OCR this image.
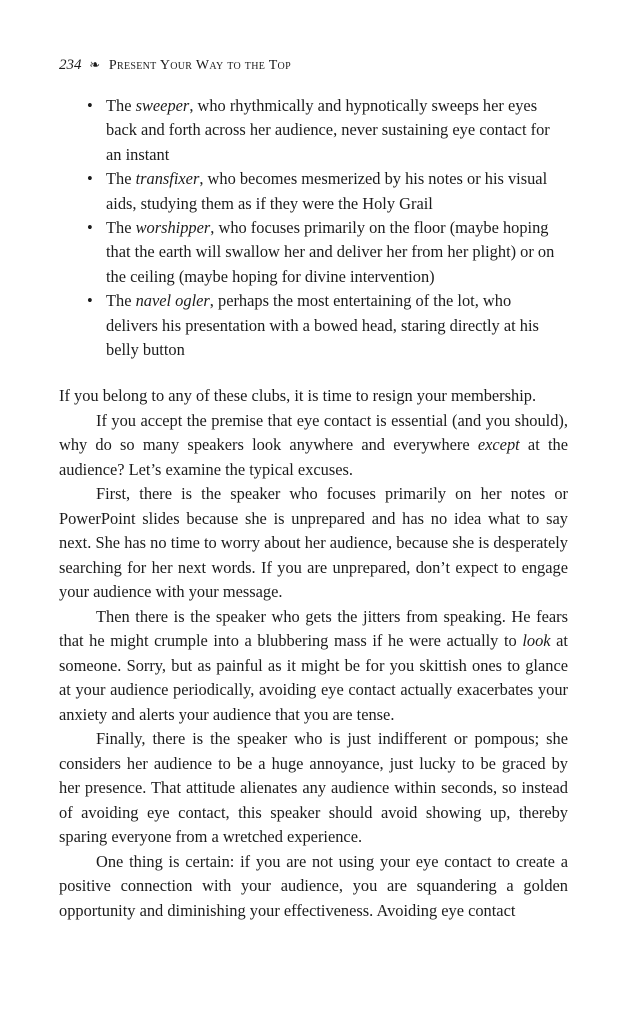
234 ❧ Present Your Way to the Top
• The sweeper, who rhythmically and hypnotically sweeps her eyes back and forth across her audience, never sustaining eye contact for an instant
• The transfixer, who becomes mesmerized by his notes or his visual aids, studying them as if they were the Holy Grail
• The worshipper, who focuses primarily on the floor (maybe hoping that the earth will swallow her and deliver her from her plight) or on the ceiling (maybe hoping for divine intervention)
• The navel ogler, perhaps the most entertaining of the lot, who delivers his presentation with a bowed head, staring directly at his belly button

If you belong to any of these clubs, it is time to resign your membership.

If you accept the premise that eye contact is essential (and you should), why do so many speakers look anywhere and everywhere except at the audience? Let’s examine the typical excuses.

First, there is the speaker who focuses primarily on her notes or PowerPoint slides because she is unprepared and has no idea what to say next. She has no time to worry about her audience, because she is desperately searching for her next words. If you are unprepared, don’t expect to engage your audience with your message.

Then there is the speaker who gets the jitters from speaking. He fears that he might crumple into a blubbering mass if he were actually to look at someone. Sorry, but as painful as it might be for you skittish ones to glance at your audience periodically, avoiding eye contact actually exacerbates your anxiety and alerts your audience that you are tense.

Finally, there is the speaker who is just indifferent or pompous; she considers her audience to be a huge annoyance, just lucky to be graced by her presence. That attitude alienates any audience within seconds, so instead of avoiding eye contact, this speaker should avoid showing up, thereby sparing everyone from a wretched experience.

One thing is certain: if you are not using your eye contact to create a positive connection with your audience, you are squandering a golden opportunity and diminishing your effectiveness. Avoiding eye contact
